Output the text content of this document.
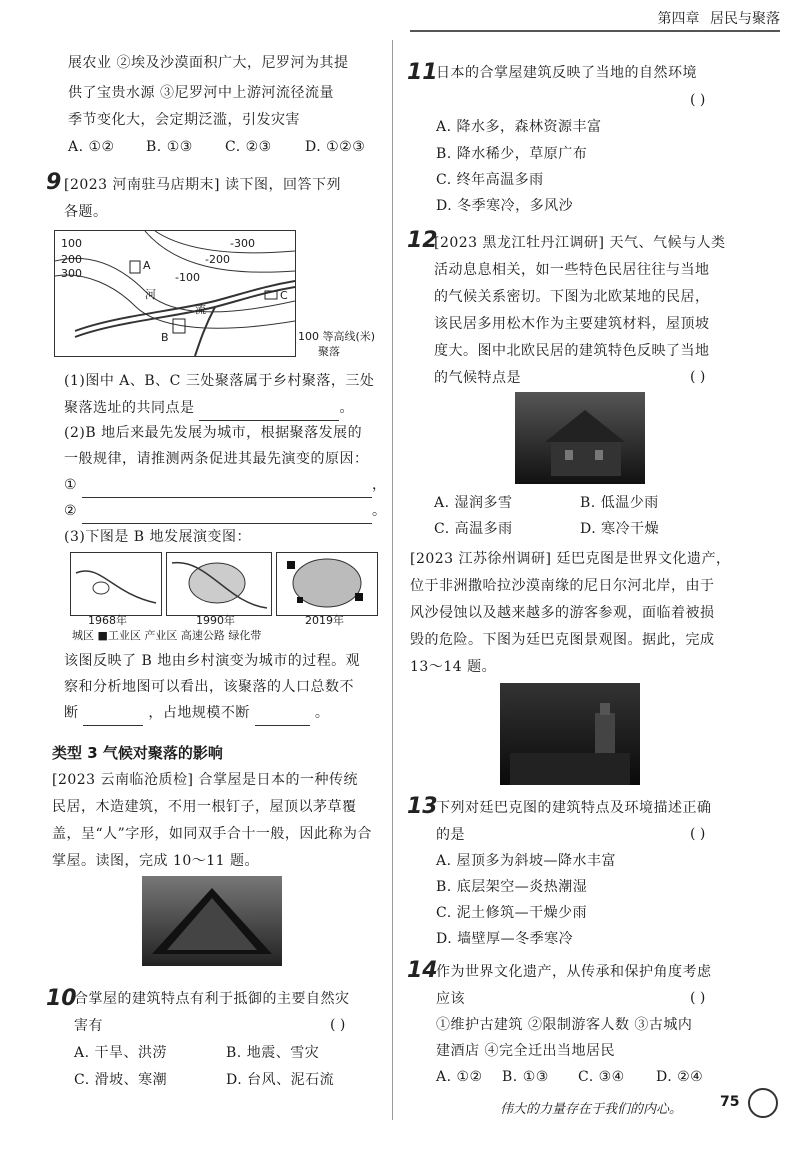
第四章 居民与聚落
展农业 ②埃及沙漠面积广大，尼罗河为其提
供了宝贵水源 ③尼罗河中上游河流径流量
季节变化大，会定期泛滥，引发灾害
A. ①② B. ①③ C. ②③ D. ①②③
9 [2023 河南驻马店期末] 读下图，回答下列
各题。
100
200
300
-300
-200
-100
A
B
C
河
流
100 等高线(米)
聚落
(1)图中 A、B、C 三处聚落属于乡村聚落，三处
聚落选址的共同点是	。
(2)B 地后来最先发展为城市，根据聚落发展的
一般规律，请推测两条促进其最先演变的原因：
①	，
②	。
(3)下图是 B 地发展演变图：
1968年	1990年	2019年
城区 ■工业区 产业区 高速公路 绿化带
该图反映了 B 地由乡村演变为城市的过程。观
察和分析地图可以看出，该聚落的人口总数不
断	，占地规模不断	。
类型 3 气候对聚落的影响
[2023 云南临沧质检] 合掌屋是日本的一种传统
民居，木造建筑，不用一根钉子，屋顶以茅草覆
盖，呈“人”字形，如同双手合十一般，因此称为合
掌屋。读图，完成 10～11 题。
10
合掌屋的建筑特点有利于抵御的主要自然灾
害有	( )
A. 干旱、洪涝	B. 地震、雪灾
C. 滑坡、寒潮	D. 台风、泥石流
11
日本的合掌屋建筑反映了当地的自然环境
( )
A. 降水多，森林资源丰富
B. 降水稀少，草原广布
C. 终年高温多雨
D. 冬季寒冷，多风沙
12
[2023 黑龙江牡丹江调研] 天气、气候与人类
活动息息相关，如一些特色民居往往与当地
的气候关系密切。下图为北欧某地的民居，
该民居多用松木作为主要建筑材料，屋顶坡
度大。图中北欧民居的建筑特色反映了当地
的气候特点是	( )
A. 湿润多雪	B. 低温少雨
C. 高温多雨	D. 寒冷干燥
[2023 江苏徐州调研] 廷巴克图是世界文化遗产，
位于非洲撒哈拉沙漠南缘的尼日尔河北岸，由于
风沙侵蚀以及越来越多的游客参观，面临着被损
毁的危险。下图为廷巴克图景观图。据此，完成
13～14 题。
13
下列对廷巴克图的建筑特点及环境描述正确
的是	( )
A. 屋顶多为斜坡—降水丰富
B. 底层架空—炎热潮湿
C. 泥土修筑—干燥少雨
D. 墙壁厚—冬季寒冷
14
作为世界文化遗产，从传承和保护角度考虑
应该	( )
①维护古建筑 ②限制游客人数 ③古城内
建酒店 ④完全迁出当地居民
A. ①② B. ①③ C. ③④ D. ②④
伟大的力量存在于我们的内心。	75
